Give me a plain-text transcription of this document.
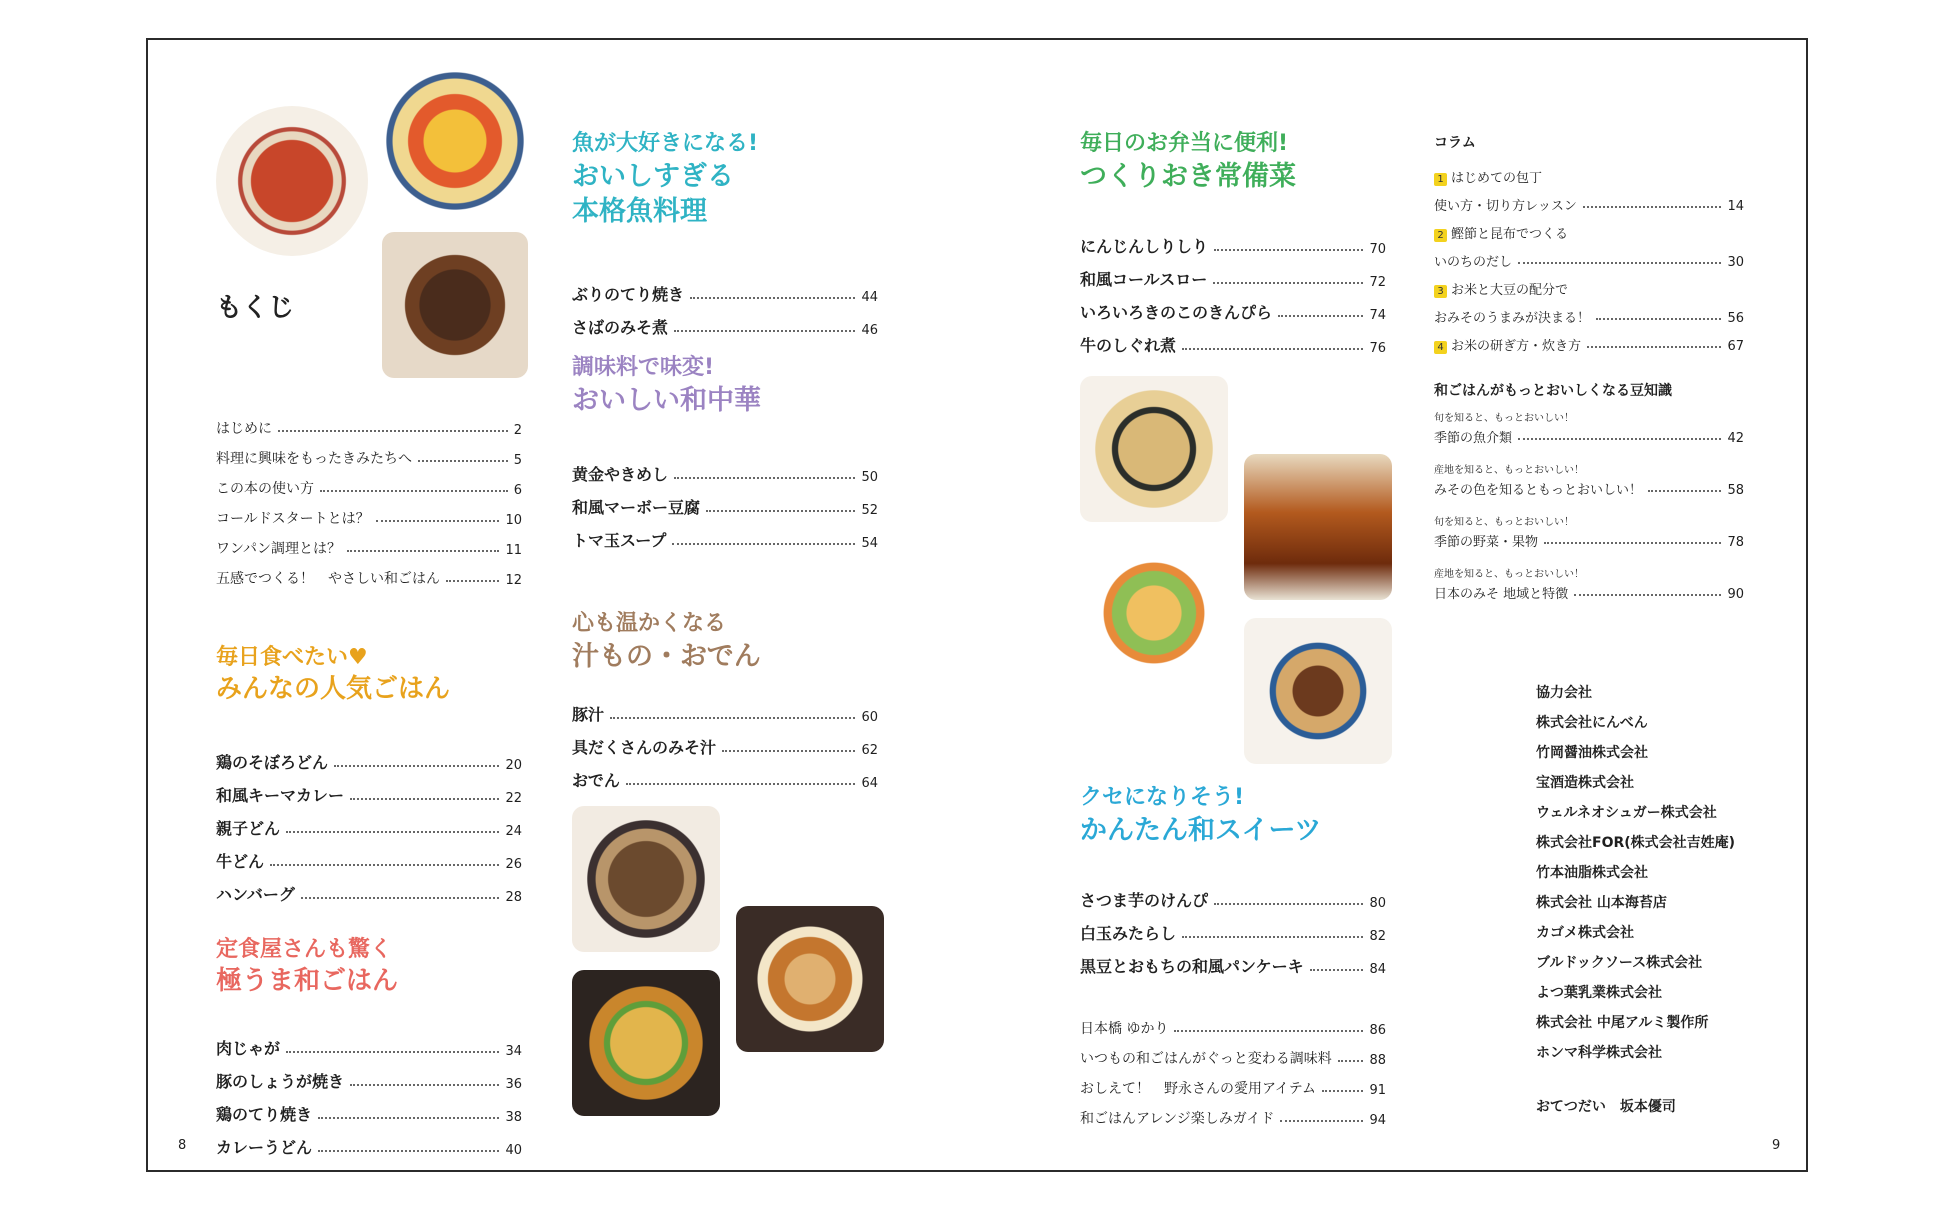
もくじ
はじめに	2
料理に興味をもったきみたちへ	5
この本の使い方	6
コールドスタートとは？	10
ワンパン調理とは？	11
五感でつくる！　やさしい和ごはん	12
毎日食べたい♥
みんなの人気ごはん
鶏のそぼろどん	20
和風キーマカレー	22
親子どん	24
牛どん	26
ハンバーグ	28
定食屋さんも驚く
極うま和ごはん
肉じゃが	34
豚のしょうが焼き	36
鶏のてり焼き	38
カレーうどん	40
魚が大好きになる!
おいしすぎる
本格魚料理
ぶりのてり焼き	44
さばのみそ煮	46
調味料で味変!
おいしい和中華
黄金やきめし	50
和風マーボー豆腐	52
トマ玉スープ	54
心も温かくなる
汁もの・おでん
豚汁	60
具だくさんのみそ汁	62
おでん	64
8
毎日のお弁当に便利!
つくりおき常備菜
にんじんしりしり	70
和風コールスロー	72
いろいろきのこのきんぴら	74
牛のしぐれ煮	76
クセになりそう!
かんたん和スイーツ
さつま芋のけんぴ	80
白玉みたらし	82
黒豆とおもちの和風パンケーキ	84
日本橋 ゆかり	86
いつもの和ごはんがぐっと変わる調味料	88
おしえて！　野永さんの愛用アイテム	91
和ごはんアレンジ楽しみガイド	94
コラム
1 はじめての包丁
使い方・切り方レッスン	14
2 鰹節と昆布でつくる
いのちのだし	30
3 お米と大豆の配分で
おみそのうまみが決まる！	56
4 お米の研ぎ方・炊き方	67
和ごはんがもっとおいしくなる豆知識
旬を知ると、もっとおいしい！
季節の魚介類	42
産地を知ると、もっとおいしい！
みその色を知るともっとおいしい！	58
旬を知ると、もっとおいしい！
季節の野菜・果物	78
産地を知ると、もっとおいしい！
日本のみそ 地域と特徴	90
協力会社
株式会社にんべん
竹岡醤油株式会社
宝酒造株式会社
ウェルネオシュガー株式会社
株式会社FOR(株式会社吉姓庵)
竹本油脂株式会社
株式会社 山本海苔店
カゴメ株式会社
ブルドックソース株式会社
よつ葉乳業株式会社
株式会社 中尾アルミ製作所
ホンマ科学株式会社
おてつだい　坂本優司
9
